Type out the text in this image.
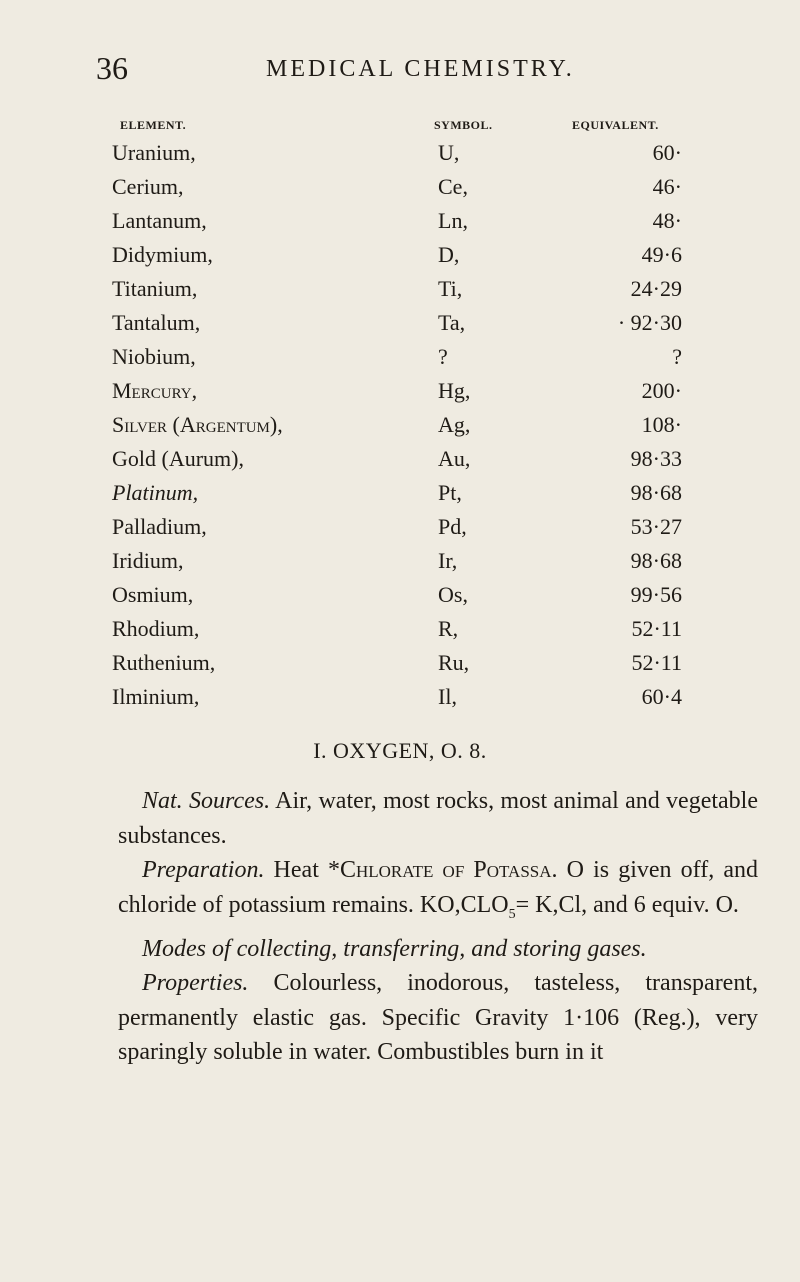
36	MEDICAL CHEMISTRY.
ELEMENT.	SYMBOL.	EQUIVALENT.
Uranium,	U,	60·
Cerium,	Ce,	46·
Lantanum,	Ln,	48·
Didymium,	D,	49·6
Titanium,	Ti,	24·29
Tantalum,	Ta,	· 92·30
Niobium,	?	?
Mercury,	Hg,	200·
Silver (Argentum),	Ag,	108·
Gold (Aurum),	Au,	98·33
Platinum,	Pt,	98·68
Palladium,	Pd,	53·27
Iridium,	Ir,	98·68
Osmium,	Os,	99·56
Rhodium,	R,	52·11
Ruthenium,	Ru,	52·11
Ilminium,	Il,	60·4
I. OXYGEN, O. 8.

Nat. Sources. Air, water, most rocks, most animal and vegetable substances.

Preparation. Heat *Chlorate of Potassa. O is given off, and chloride of potassium remains. $KO,CLO_5= K,Cl$, and 6 equiv. O.

Modes of collecting, transferring, and storing gases.

Properties. Colourless, inodorous, tasteless, transparent, permanently elastic gas. Specific Gravity 1·106 (Reg.), very sparingly soluble in water. Combustibles burn in it
